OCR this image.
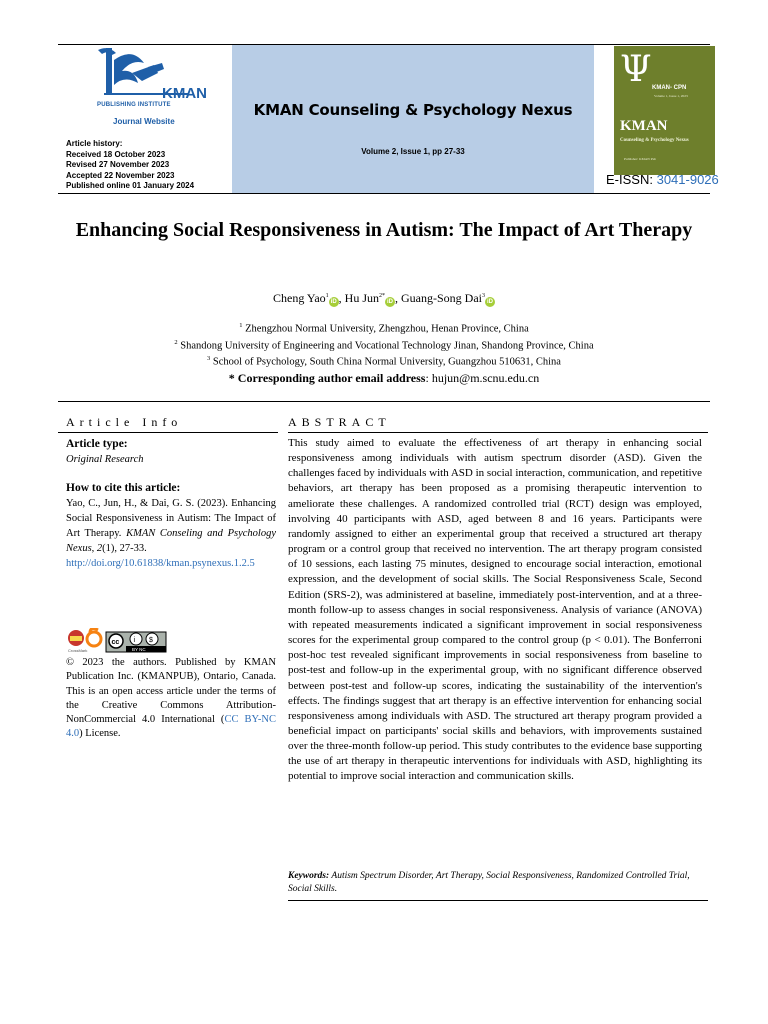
KMAN
PUBLISHING INSTITUTE
Journal Website
Article history:
Received 18 October 2023
Revised 27 November 2023
Accepted 22 November 2023
Published online 01 January 2024
KMAN Counseling & Psychology Nexus
Volume 2, Issue 1, pp 27-33
Ψ KMAN- CPN
Volume 1, Issue 1, 2023
KMAN
Counseling & Psychology Nexus
Publisher: KMAN Pub
E-ISSN: 3041-9026
Enhancing Social Responsiveness in Autism: The Impact of Art Therapy
Cheng Yao$^1$iD , Hu Jun$^{2*}$iD , Guang-Song Dai$^3$iD
$^1$ Zhengzhou Normal University, Zhengzhou, Henan Province, China
$^2$ Shandong University of Engineering and Vocational Technology Jinan, Shandong Province, China
$^3$ School of Psychology, South China Normal University, Guangzhou 510631, China
* Corresponding author email address: hujun@m.scnu.edu.cn
Article Info	ABSTRACT
Article type:
Original Research
How to cite this article:
Yao, C., Jun, H., & Dai, G. S. (2023). Enhancing Social Responsiveness in Autism: The Impact of Art Therapy. KMAN Conseling and Psychology Nexus, 2(1), 27-33.
http://doi.org/10.61838/kman.psynexus.1.2.5
CrossMark
cc i $
BY NC
© 2023 the authors. Published by KMAN Publication Inc. (KMANPUB), Ontario, Canada. This is an open access article under the terms of the Creative Commons Attribution-NonCommercial 4.0 International (CC BY-NC 4.0) License.
This study aimed to evaluate the effectiveness of art therapy in enhancing social responsiveness among individuals with autism spectrum disorder (ASD). Given the challenges faced by individuals with ASD in social interaction, communication, and repetitive behaviors, art therapy has been proposed as a promising therapeutic intervention to ameliorate these challenges. A randomized controlled trial (RCT) design was employed, involving 40 participants with ASD, aged between 8 and 16 years. Participants were randomly assigned to either an experimental group that received a structured art therapy program or a control group that received no intervention. The art therapy program consisted of 10 sessions, each lasting 75 minutes, designed to encourage social interaction, emotional expression, and the development of social skills. The Social Responsiveness Scale, Second Edition (SRS-2), was administered at baseline, immediately post-intervention, and at a three-month follow-up to assess changes in social responsiveness. Analysis of variance (ANOVA) with repeated measurements indicated a significant improvement in social responsiveness scores for the experimental group compared to the control group (p < 0.01). The Bonferroni post-hoc test revealed significant improvements in social responsiveness from baseline to post-test and follow-up in the experimental group, with no significant difference observed between post-test and follow-up scores, indicating the sustainability of the intervention's effects. The findings suggest that art therapy is an effective intervention for enhancing social responsiveness among individuals with ASD. The structured art therapy program provided a beneficial impact on participants' social skills and behaviors, with improvements sustained over the three-month follow-up period. This study contributes to the evidence base supporting the use of art therapy in therapeutic interventions for individuals with ASD, highlighting its potential to improve social interaction and communication skills.
Keywords: Autism Spectrum Disorder, Art Therapy, Social Responsiveness, Randomized Controlled Trial, Social Skills.
